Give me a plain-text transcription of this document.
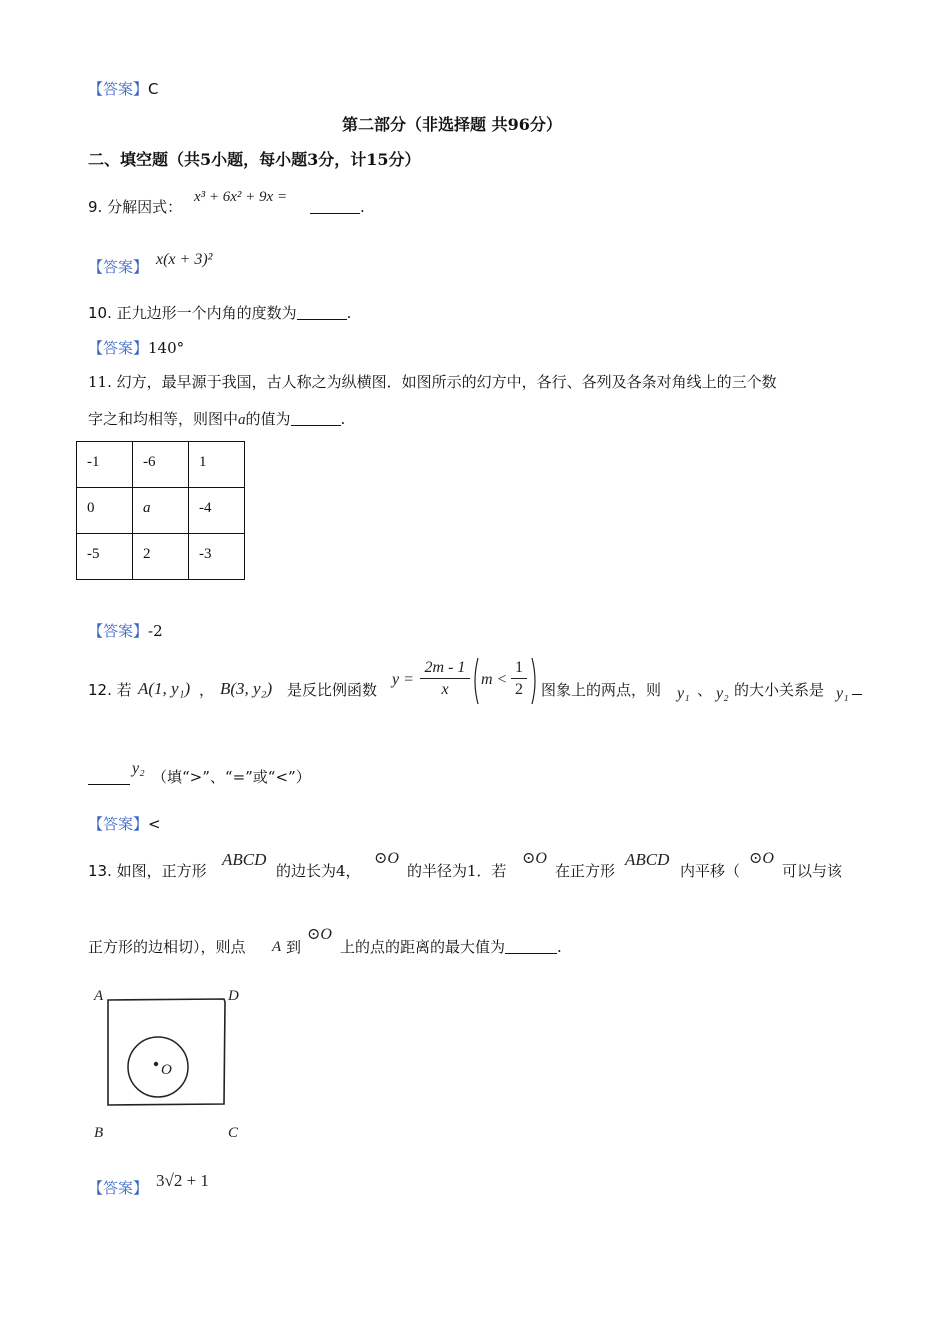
【答案】C
第二部分（非选择题 共96分）
二、填空题（共5小题，每小题3分，计15分）
9. 分解因式：
x³ + 6x² + 9x =
.
【答案】 x(x + 3)²
10. 正九边形一个内角的度数为	.
【答案】140°
11. 幻方，最早源于我国，古人称之为纵横图．如图所示的幻方中，各行、各列及各条对角线上的三个数
字之和均相等，则图中a的值为	.
-1	-6	1
0	a	-4
-5	2	-3
【答案】-2
12. 若 A(1, y₁) ， B(3, y₂) 是反比例函数
$y = \frac{2m - 1}{x}$ $m < \frac{1}{2}$ 图象上的两点，则 y₁ 、 y₂ 的大小关系是 y₁
y₂ （填“>”、“=”或“<”）
【答案】<
13. 如图，正方形
ABCD
的边长为4，
⊙O
的半径为1．若
⊙O
在正方形
ABCD
内平移（
⊙O
可以与该
正方形的边相切），则点 A 到
⊙O
上的点的距离的最大值为	.
A	D
B	C
O
【答案】 3√2 + 1
